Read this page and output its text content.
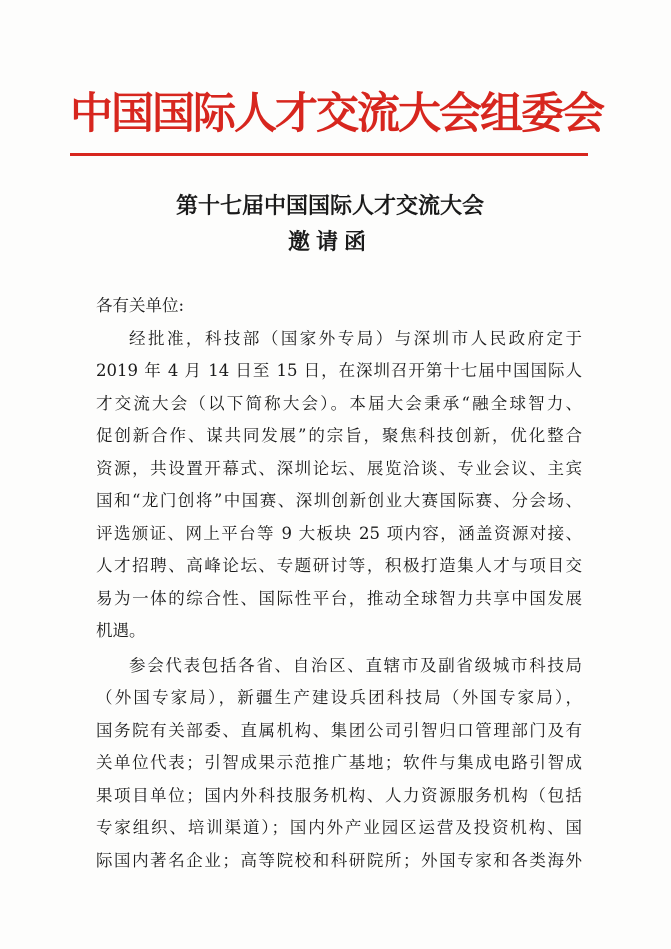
中国国际人才交流大会组委会
第十七届中国国际人才交流大会
邀请函

各有关单位:

经批准，科技部（国家外专局）与深圳市人民政府定于

2019 年 4 月 14 日至 15 日，在深圳召开第十七届中国国际人

才交流大会（以下简称大会）。本届大会秉承“融全球智力、

促创新合作、谋共同发展”的宗旨，聚焦科技创新，优化整合

资源，共设置开幕式、深圳论坛、展览洽谈、专业会议、主宾

国和“龙门创将”中国赛、深圳创新创业大赛国际赛、分会场、

评选颁证、网上平台等 9 大板块 25 项内容，涵盖资源对接、

人才招聘、高峰论坛、专题研讨等，积极打造集人才与项目交

易为一体的综合性、国际性平台，推动全球智力共享中国发展

机遇。

参会代表包括各省、自治区、直辖市及副省级城市科技局

（外国专家局），新疆生产建设兵团科技局（外国专家局），

国务院有关部委、直属机构、集团公司引智归口管理部门及有

关单位代表；引智成果示范推广基地；软件与集成电路引智成

果项目单位；国内外科技服务机构、人力资源服务机构（包括

专家组织、培训渠道）；国内外产业园区运营及投资机构、国

际国内著名企业；高等院校和科研院所；外国专家和各类海外
